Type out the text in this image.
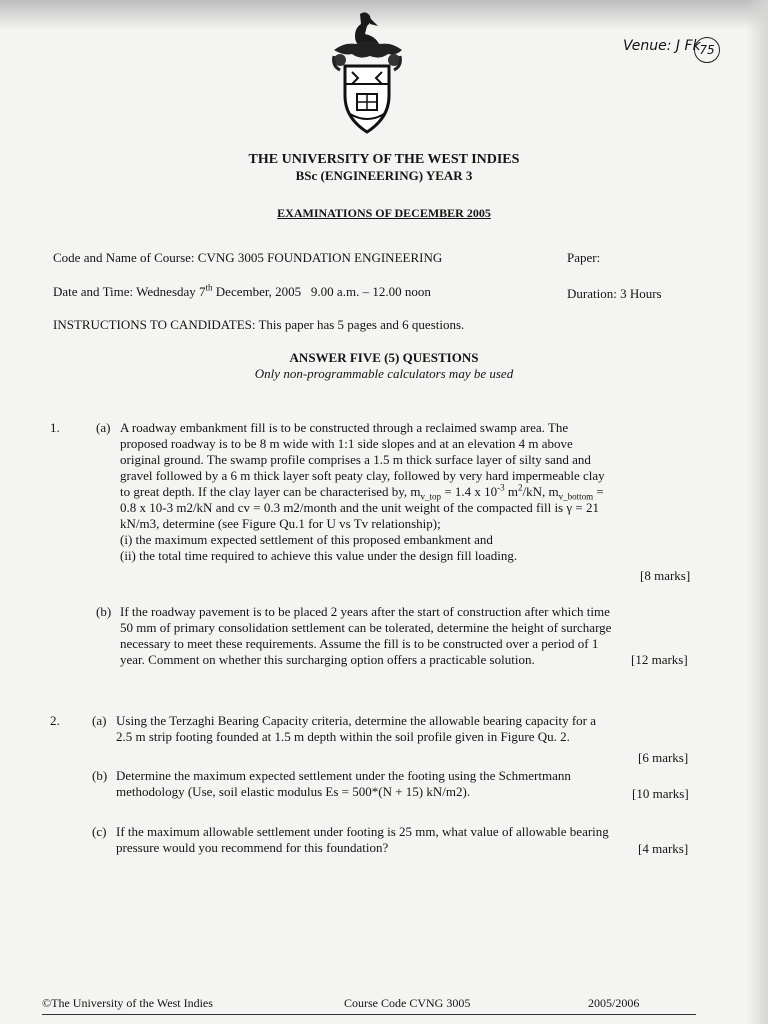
Venue: J Fk
75
THE UNIVERSITY OF THE WEST INDIES
BSc (ENGINEERING) YEAR 3
EXAMINATIONS OF DECEMBER 2005
Code and Name of Course: CVNG 3005 FOUNDATION ENGINEERING	Paper:
Date and Time: Wednesday 7th December, 2005   9.00 a.m. – 12.00 noon	Duration: 3 Hours
INSTRUCTIONS TO CANDIDATES: This paper has 5 pages and 6 questions.
ANSWER FIVE (5) QUESTIONS
Only non-programmable calculators may be used
1.	(a) A roadway embankment fill is to be constructed through a reclaimed swamp area. The
proposed roadway is to be 8 m wide with 1:1 side slopes and at an elevation 4 m above
original ground. The swamp profile comprises a 1.5 m thick surface layer of silty sand and
gravel followed by a 6 m thick layer soft peaty clay, followed by very hard impermeable clay
to great depth. If the clay layer can be characterised by, $m_{v\_top} = 1.4$ x $10^{-3}$ $m^2/kN$, $m_{v\_bottom}$ =
0.8 x 10-3 m2/kN and cv = 0.3 m2/month and the unit weight of the compacted fill is γ = 21
kN/m3, determine (see Figure Qu.1 for U vs Tv relationship);
(i) the maximum expected settlement of this proposed embankment and
(ii) the total time required to achieve this value under the design fill loading.
[8 marks]
(b) If the roadway pavement is to be placed 2 years after the start of construction after which time
50 mm of primary consolidation settlement can be tolerated, determine the height of surcharge
necessary to meet these requirements. Assume the fill is to be constructed over a period of 1
year. Comment on whether this surcharging option offers a practicable solution.	[12 marks]
2. (a) Using the Terzaghi Bearing Capacity criteria, determine the allowable bearing capacity for a
2.5 m strip footing founded at 1.5 m depth within the soil profile given in Figure Qu. 2.
[6 marks]
(b) Determine the maximum expected settlement under the footing using the Schmertmann
methodology (Use, soil elastic modulus Es = 500*(N + 15) kN/m2).	[10 marks]
(c) If the maximum allowable settlement under footing is 25 mm, what value of allowable bearing
pressure would you recommend for this foundation?	[4 marks]
©The University of the West Indies	Course Code CVNG 3005	2005/2006
